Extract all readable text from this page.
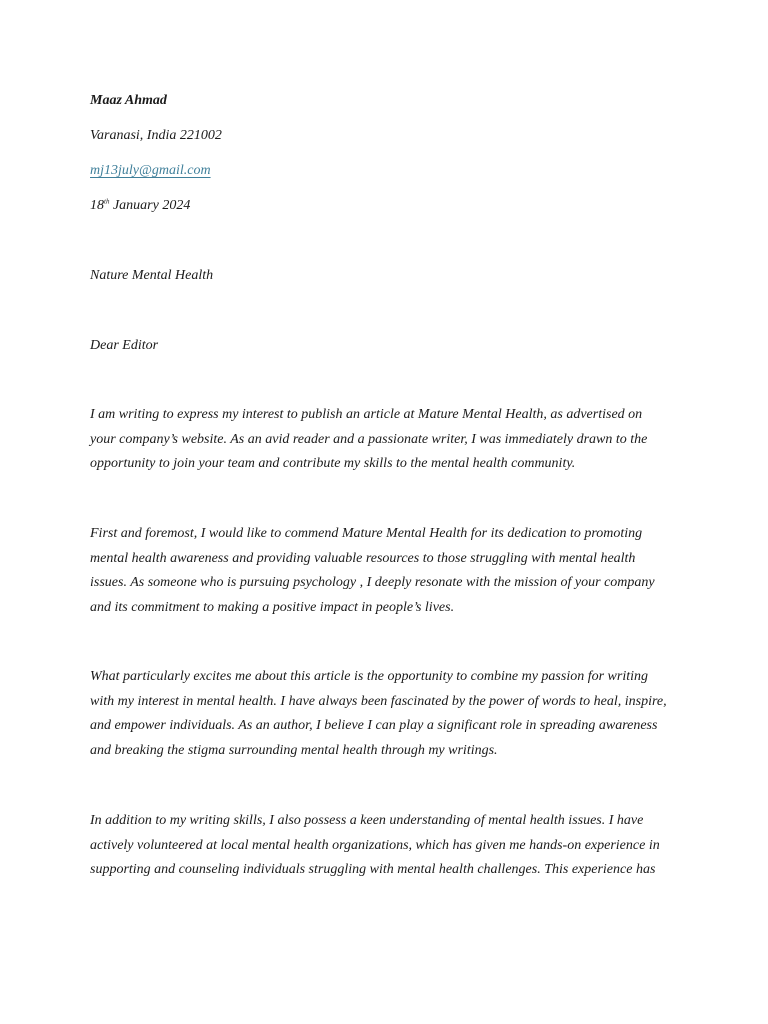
Maaz Ahmad
Varanasi, India 221002
mj13july@gmail.com
18th January 2024
Nature Mental Health
Dear Editor
I am writing to express my interest to publish an article at Mature Mental Health, as advertised on
your company’s website. As an avid reader and a passionate writer, I was immediately drawn to the
opportunity to join your team and contribute my skills to the mental health community.
First and foremost, I would like to commend Mature Mental Health for its dedication to promoting
mental health awareness and providing valuable resources to those struggling with mental health
issues. As someone who is pursuing psychology , I deeply resonate with the mission of your company
and its commitment to making a positive impact in people’s lives.
What particularly excites me about this article is the opportunity to combine my passion for writing
with my interest in mental health. I have always been fascinated by the power of words to heal, inspire,
and empower individuals. As an author, I believe I can play a significant role in spreading awareness
and breaking the stigma surrounding mental health through my writings.
In addition to my writing skills, I also possess a keen understanding of mental health issues. I have
actively volunteered at local mental health organizations, which has given me hands-on experience in
supporting and counseling individuals struggling with mental health challenges. This experience has
